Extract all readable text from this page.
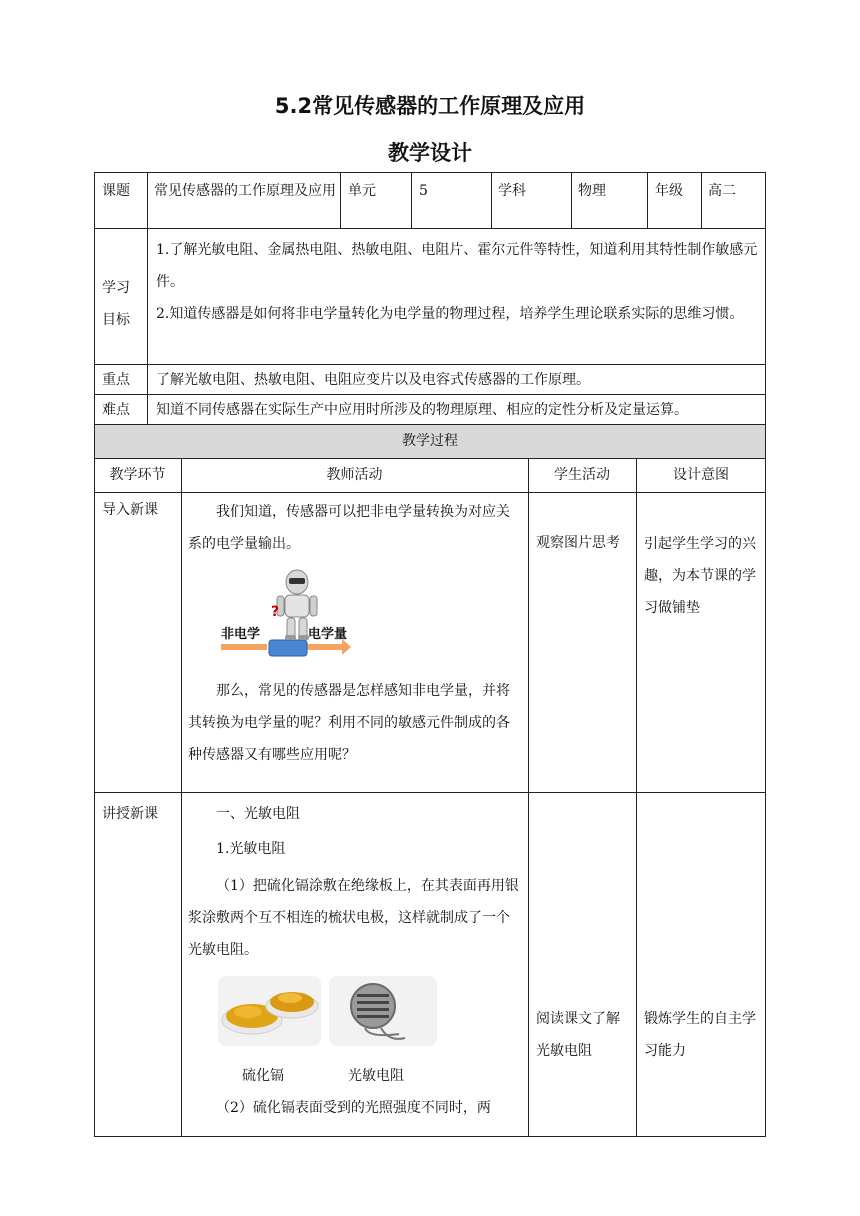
5.2常见传感器的工作原理及应用
教学设计
课题 常见传感器的工作原理及应用 单元	5	学科	物理	年级 高二
学习目标
1.了解光敏电阻、金属热电阻、热敏电阻、电阻片、霍尔元件等特性，知道利用其特性制作敏感元件。
2.知道传感器是如何将非电学量转化为电学量的物理过程，培养学生理论联系实际的思维习惯。
重点 了解光敏电阻、热敏电阻、电阻应变片以及电容式传感器的工作原理。
难点 知道不同传感器在实际生产中应用时所涉及的物理原理、相应的定性分析及定量运算。
教学过程
教学环节	教师活动	学生活动	设计意图
导入新课	我们知道，传感器可以把非电学量转换为对应关系的电学量输出。
非电学	电学量
?
那么，常见的传感器是怎样感知非电学量，并将其转换为电学量的呢？利用不同的敏感元件制成的各种传感器又有哪些应用呢？
观察图片思考	引起学生学习的兴趣，为本节课的学习做铺垫
讲授新课	一、光敏电阻
1.光敏电阻
（1）把硫化镉涂敷在绝缘板上，在其表面再用银浆涂敷两个互不相连的梳状电极，这样就制成了一个光敏电阻。
硫化镉	光敏电阻
（2）硫化镉表面受到的光照强度不同时，两
阅读课文了解光敏电阻
锻炼学生的自主学习能力
